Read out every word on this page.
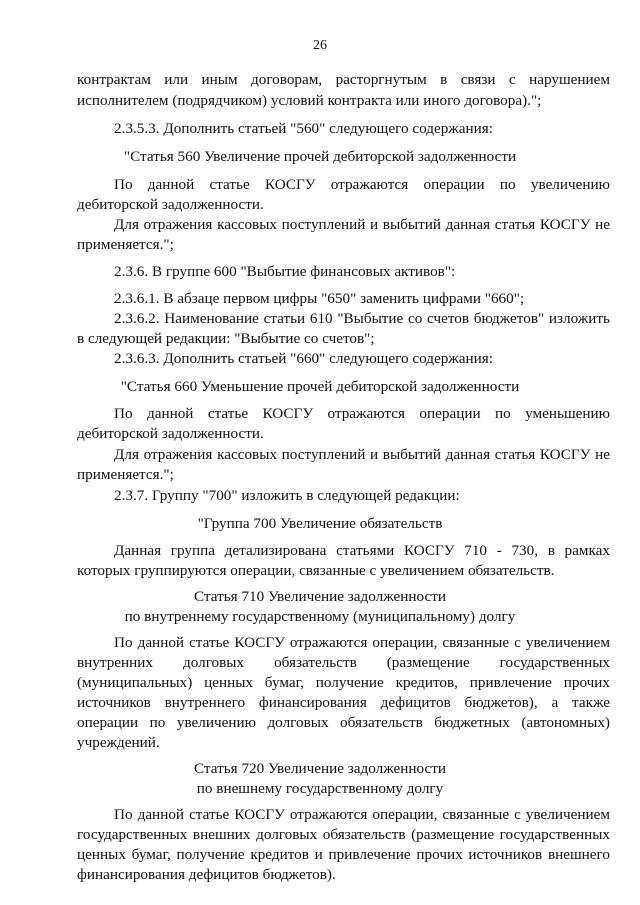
26
контрактам или иным договорам, расторгнутым в связи с нарушением
исполнителем (подрядчиком) условий контракта или иного договора).";
2.3.5.3. Дополнить статьей "560" следующего содержания:
"Статья 560 Увеличение прочей дебиторской задолженности
По данной статье КОСГУ отражаются операции по увеличению
дебиторской задолженности.
Для отражения кассовых поступлений и выбытий данная статья КОСГУ не
применяется.";
2.3.6. В группе 600 "Выбытие финансовых активов":
2.3.6.1. В абзаце первом цифры "650" заменить цифрами "660";
2.3.6.2. Наименование статьи 610 "Выбытие со счетов бюджетов" изложить
в следующей редакции: "Выбытие со счетов";
2.3.6.3. Дополнить статьей "660" следующего содержания:
"Статья 660 Уменьшение прочей дебиторской задолженности
По данной статье КОСГУ отражаются операции по уменьшению
дебиторской задолженности.
Для отражения кассовых поступлений и выбытий данная статья КОСГУ не
применяется.";
2.3.7. Группу "700" изложить в следующей редакции:
"Группа 700 Увеличение обязательств
Данная группа детализирована статьями КОСГУ 710 - 730, в рамках
которых группируются операции, связанные с увеличением обязательств.
Статья 710 Увеличение задолженности
по внутреннему государственному (муниципальному) долгу
По данной статье КОСГУ отражаются операции, связанные с увеличением
внутренних долговых обязательств (размещение государственных
(муниципальных) ценных бумаг, получение кредитов, привлечение прочих
источников внутреннего финансирования дефицитов бюджетов), а также
операции по увеличению долговых обязательств бюджетных (автономных)
учреждений.
Статья 720 Увеличение задолженности
по внешнему государственному долгу
По данной статье КОСГУ отражаются операции, связанные с увеличением
государственных внешних долговых обязательств (размещение государственных
ценных бумаг, получение кредитов и привлечение прочих источников внешнего
финансирования дефицитов бюджетов).
